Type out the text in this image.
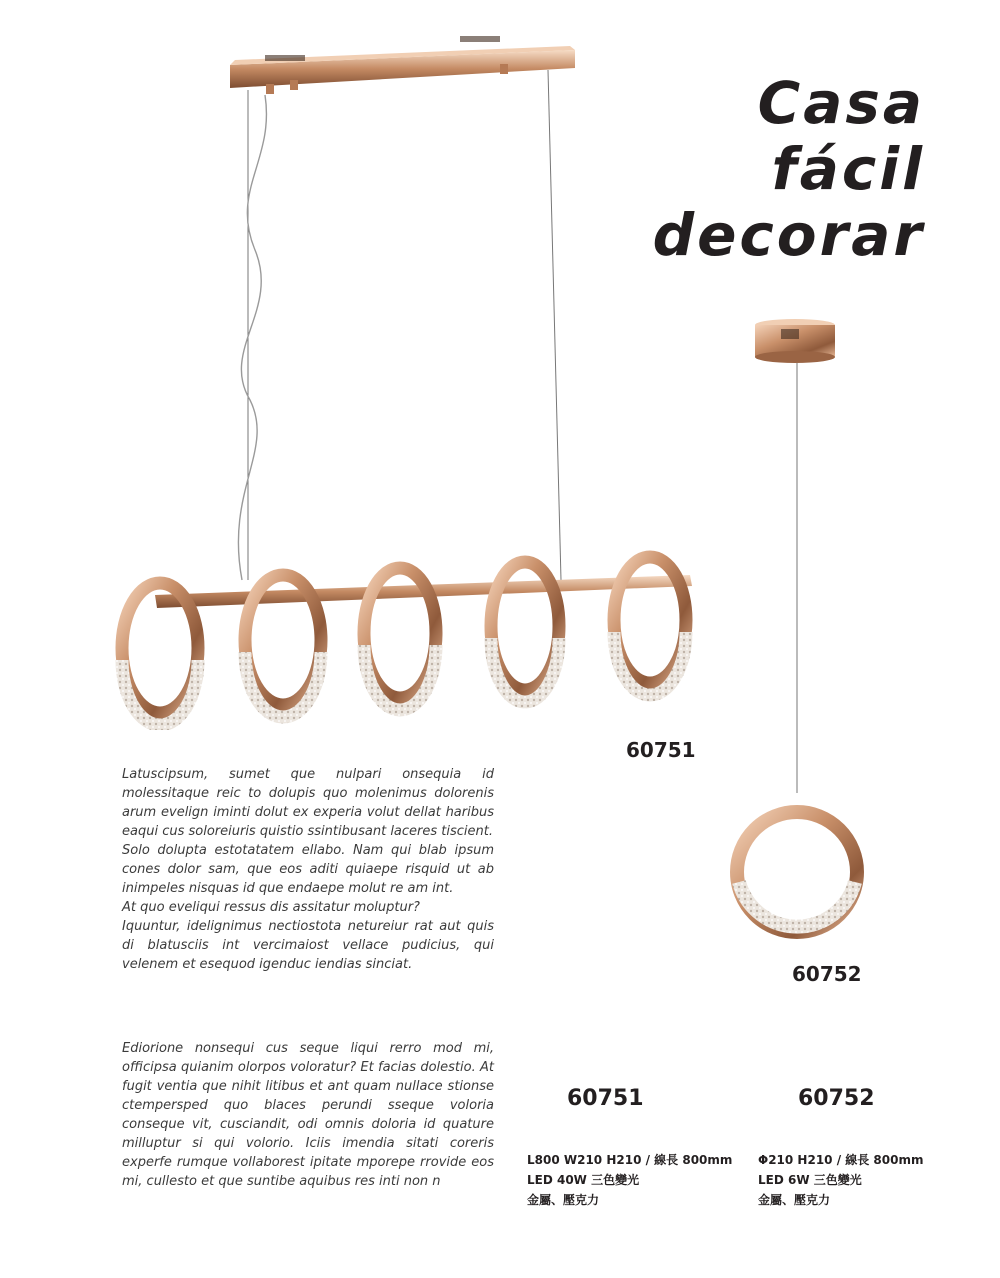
Casa
fácil
decorar
60751
60752

Latuscipsum, sumet que nulpari onsequia id molessitaque reic to dolupis quo molenimus dolorenis arum evelign iminti dolut ex experia volut dellat haribus eaqui cus soloreiuris quistio ssintibusant laceres tiscient.

Solo dolupta estotatatem ellabo. Nam qui blab ipsum cones dolor sam, que eos aditi quiaepe risquid ut ab inimpeles nisquas id que endaepe molut re am int.

At quo eveliqui ressus dis assitatur moluptur?

Iquuntur, idelignimus nectiostota netureiur rat aut quis di blatusciis int vercimaiost vellace pudicius, qui velenem et esequod igenduc iendias sinciat.

Ediorione nonsequi cus seque liqui rerro mod mi, officipsa quianim olorpos voloratur? Et facias dolestio. At fugit ventia que nihit litibus et ant quam nullace stionse ctempersped quo blaces perundi sseque voloria conseque vit, cusciandit, odi omnis doloria id quature milluptur si qui volorio. Iciis imendia sitati coreris experfe rumque vollaborest ipitate mporepe rrovide eos mi, cullesto et que suntibe aquibus res inti non n

60751
L800 W210 H210 / 線長 800mm
LED 40W 三色變光
金屬、壓克力
60752
Φ210 H210 / 線長 800mm
LED 6W 三色變光
金屬、壓克力
